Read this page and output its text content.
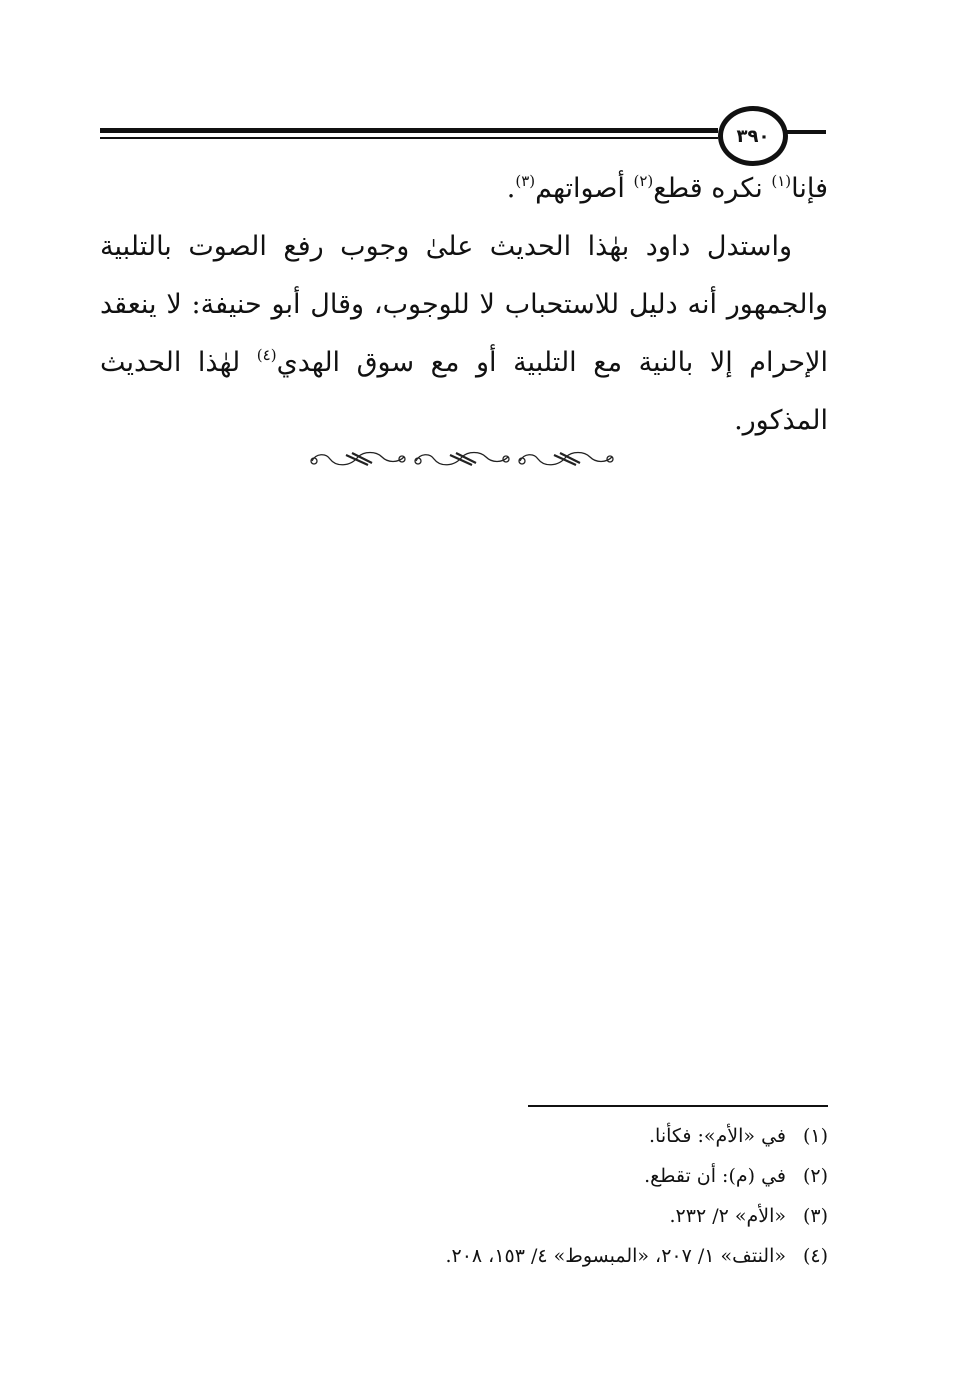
٣٩٠

فإنا$^{(١)}$ نكره قطع$^{(٢)}$ أصواتهم$^{(٣)}$.

واستدل داود بهٰذا الحديث علىٰ وجوب رفع الصوت بالتلبية والجمهور أنه دليل للاستحباب لا للوجوب، وقال أبو حنيفة: لا ينعقد الإحرام إلا بالنية مع التلبية أو مع سوق الهدي$^{(٤)}$ لهٰذا الحديث المذكور.

(١)
في «الأم»: فكأنا.
(٢)
في (م): أن تقطع.
(٣)
«الأم» ٢/ ٢٣٢.
(٤)
«النتف» ١/ ٢٠٧، «المبسوط» ٤/ ١٥٣، ٢٠٨.
